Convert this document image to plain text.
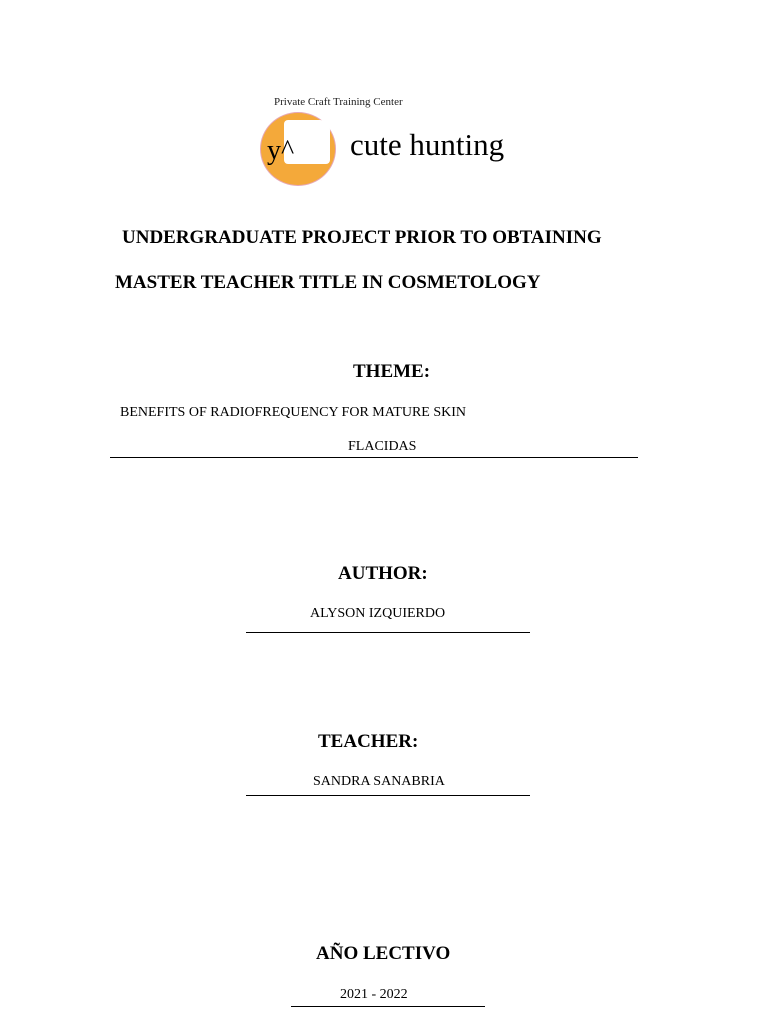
Private Craft Training Center
y^ cute hunting
UNDERGRADUATE PROJECT PRIOR TO OBTAINING
MASTER TEACHER TITLE IN COSMETOLOGY
THEME:
BENEFITS OF RADIOFREQUENCY FOR MATURE SKIN
FLACIDAS
AUTHOR:
ALYSON IZQUIERDO
TEACHER:
SANDRA SANABRIA
AÑO LECTIVO
2021 - 2022
